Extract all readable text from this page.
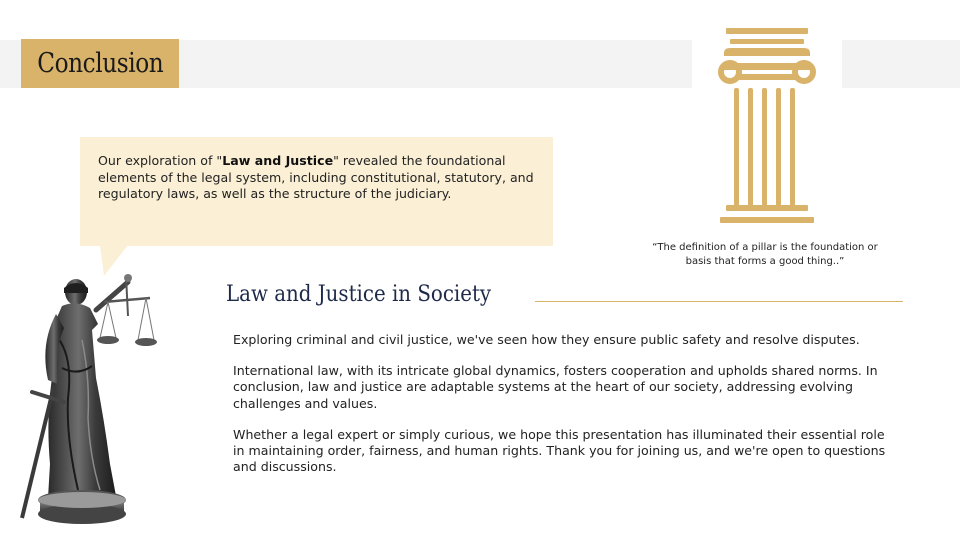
Conclusion

Our exploration of "Law and Justice" revealed the foundational elements of the legal system, including constitutional, statutory, and regulatory laws, as well as the structure of the judiciary.

“The definition of a pillar is the foundation or basis that forms a good thing..”
Law and Justice in Society

Exploring criminal and civil justice, we've seen how they ensure public safety and resolve disputes.

International law, with its intricate global dynamics, fosters cooperation and upholds shared norms. In conclusion, law and justice are adaptable systems at the heart of our society, addressing evolving challenges and values.

Whether a legal expert or simply curious, we hope this presentation has illuminated their essential role in maintaining order, fairness, and human rights. Thank you for joining us, and we're open to questions and discussions.
